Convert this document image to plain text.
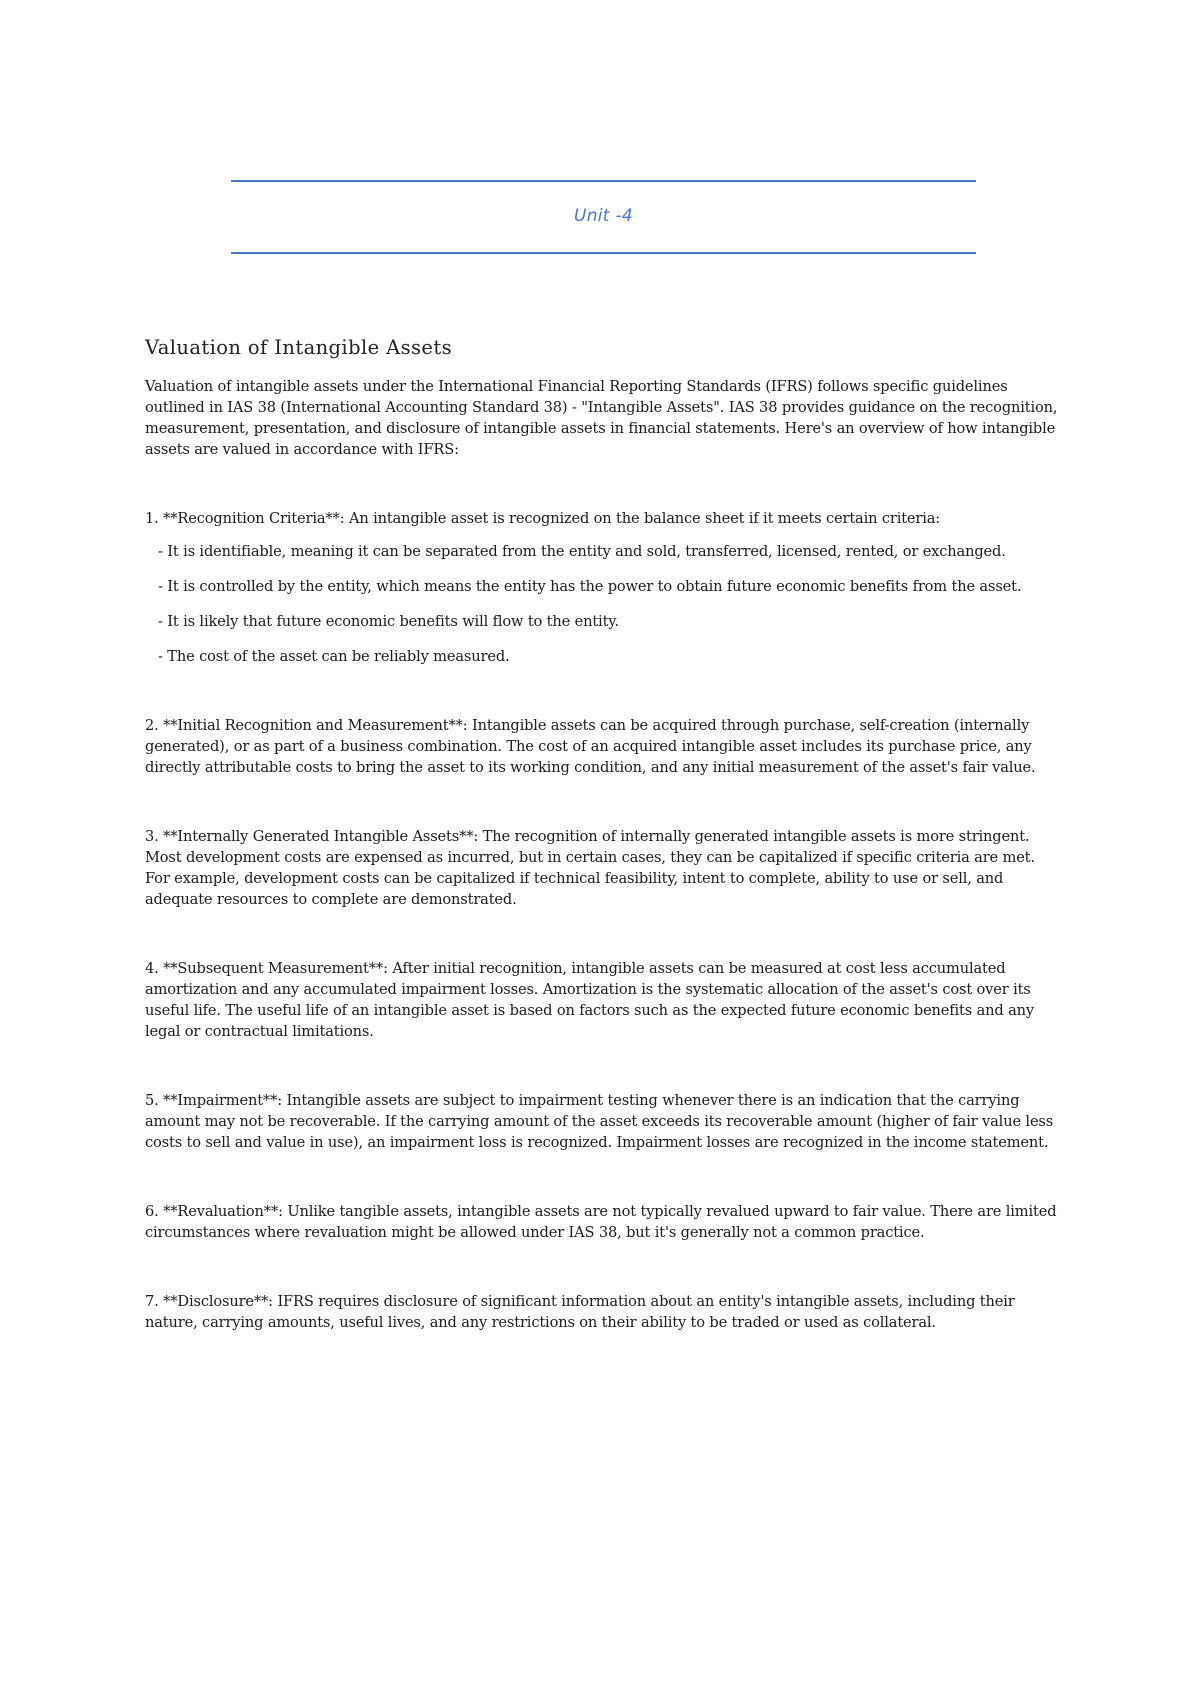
Unit -4
Valuation of Intangible Assets

Valuation of intangible assets under the International Financial Reporting Standards (IFRS) follows specific guidelines outlined in IAS 38 (International Accounting Standard 38) - "Intangible Assets". IAS 38 provides guidance on the recognition, measurement, presentation, and disclosure of intangible assets in financial statements. Here's an overview of how intangible assets are valued in accordance with IFRS:

1. **Recognition Criteria**: An intangible asset is recognized on the balance sheet if it meets certain criteria:

- It is identifiable, meaning it can be separated from the entity and sold, transferred, licensed, rented, or exchanged.

- It is controlled by the entity, which means the entity has the power to obtain future economic benefits from the asset.

- It is likely that future economic benefits will flow to the entity.

- The cost of the asset can be reliably measured.

2. **Initial Recognition and Measurement**: Intangible assets can be acquired through purchase, self-creation (internally generated), or as part of a business combination. The cost of an acquired intangible asset includes its purchase price, any directly attributable costs to bring the asset to its working condition, and any initial measurement of the asset's fair value.

3. **Internally Generated Intangible Assets**: The recognition of internally generated intangible assets is more stringent. Most development costs are expensed as incurred, but in certain cases, they can be capitalized if specific criteria are met. For example, development costs can be capitalized if technical feasibility, intent to complete, ability to use or sell, and adequate resources to complete are demonstrated.

4. **Subsequent Measurement**: After initial recognition, intangible assets can be measured at cost less accumulated amortization and any accumulated impairment losses. Amortization is the systematic allocation of the asset's cost over its useful life. The useful life of an intangible asset is based on factors such as the expected future economic benefits and any legal or contractual limitations.

5. **Impairment**: Intangible assets are subject to impairment testing whenever there is an indication that the carrying amount may not be recoverable. If the carrying amount of the asset exceeds its recoverable amount (higher of fair value less costs to sell and value in use), an impairment loss is recognized. Impairment losses are recognized in the income statement.

6. **Revaluation**: Unlike tangible assets, intangible assets are not typically revalued upward to fair value. There are limited circumstances where revaluation might be allowed under IAS 38, but it's generally not a common practice.

7. **Disclosure**: IFRS requires disclosure of significant information about an entity's intangible assets, including their nature, carrying amounts, useful lives, and any restrictions on their ability to be traded or used as collateral.
